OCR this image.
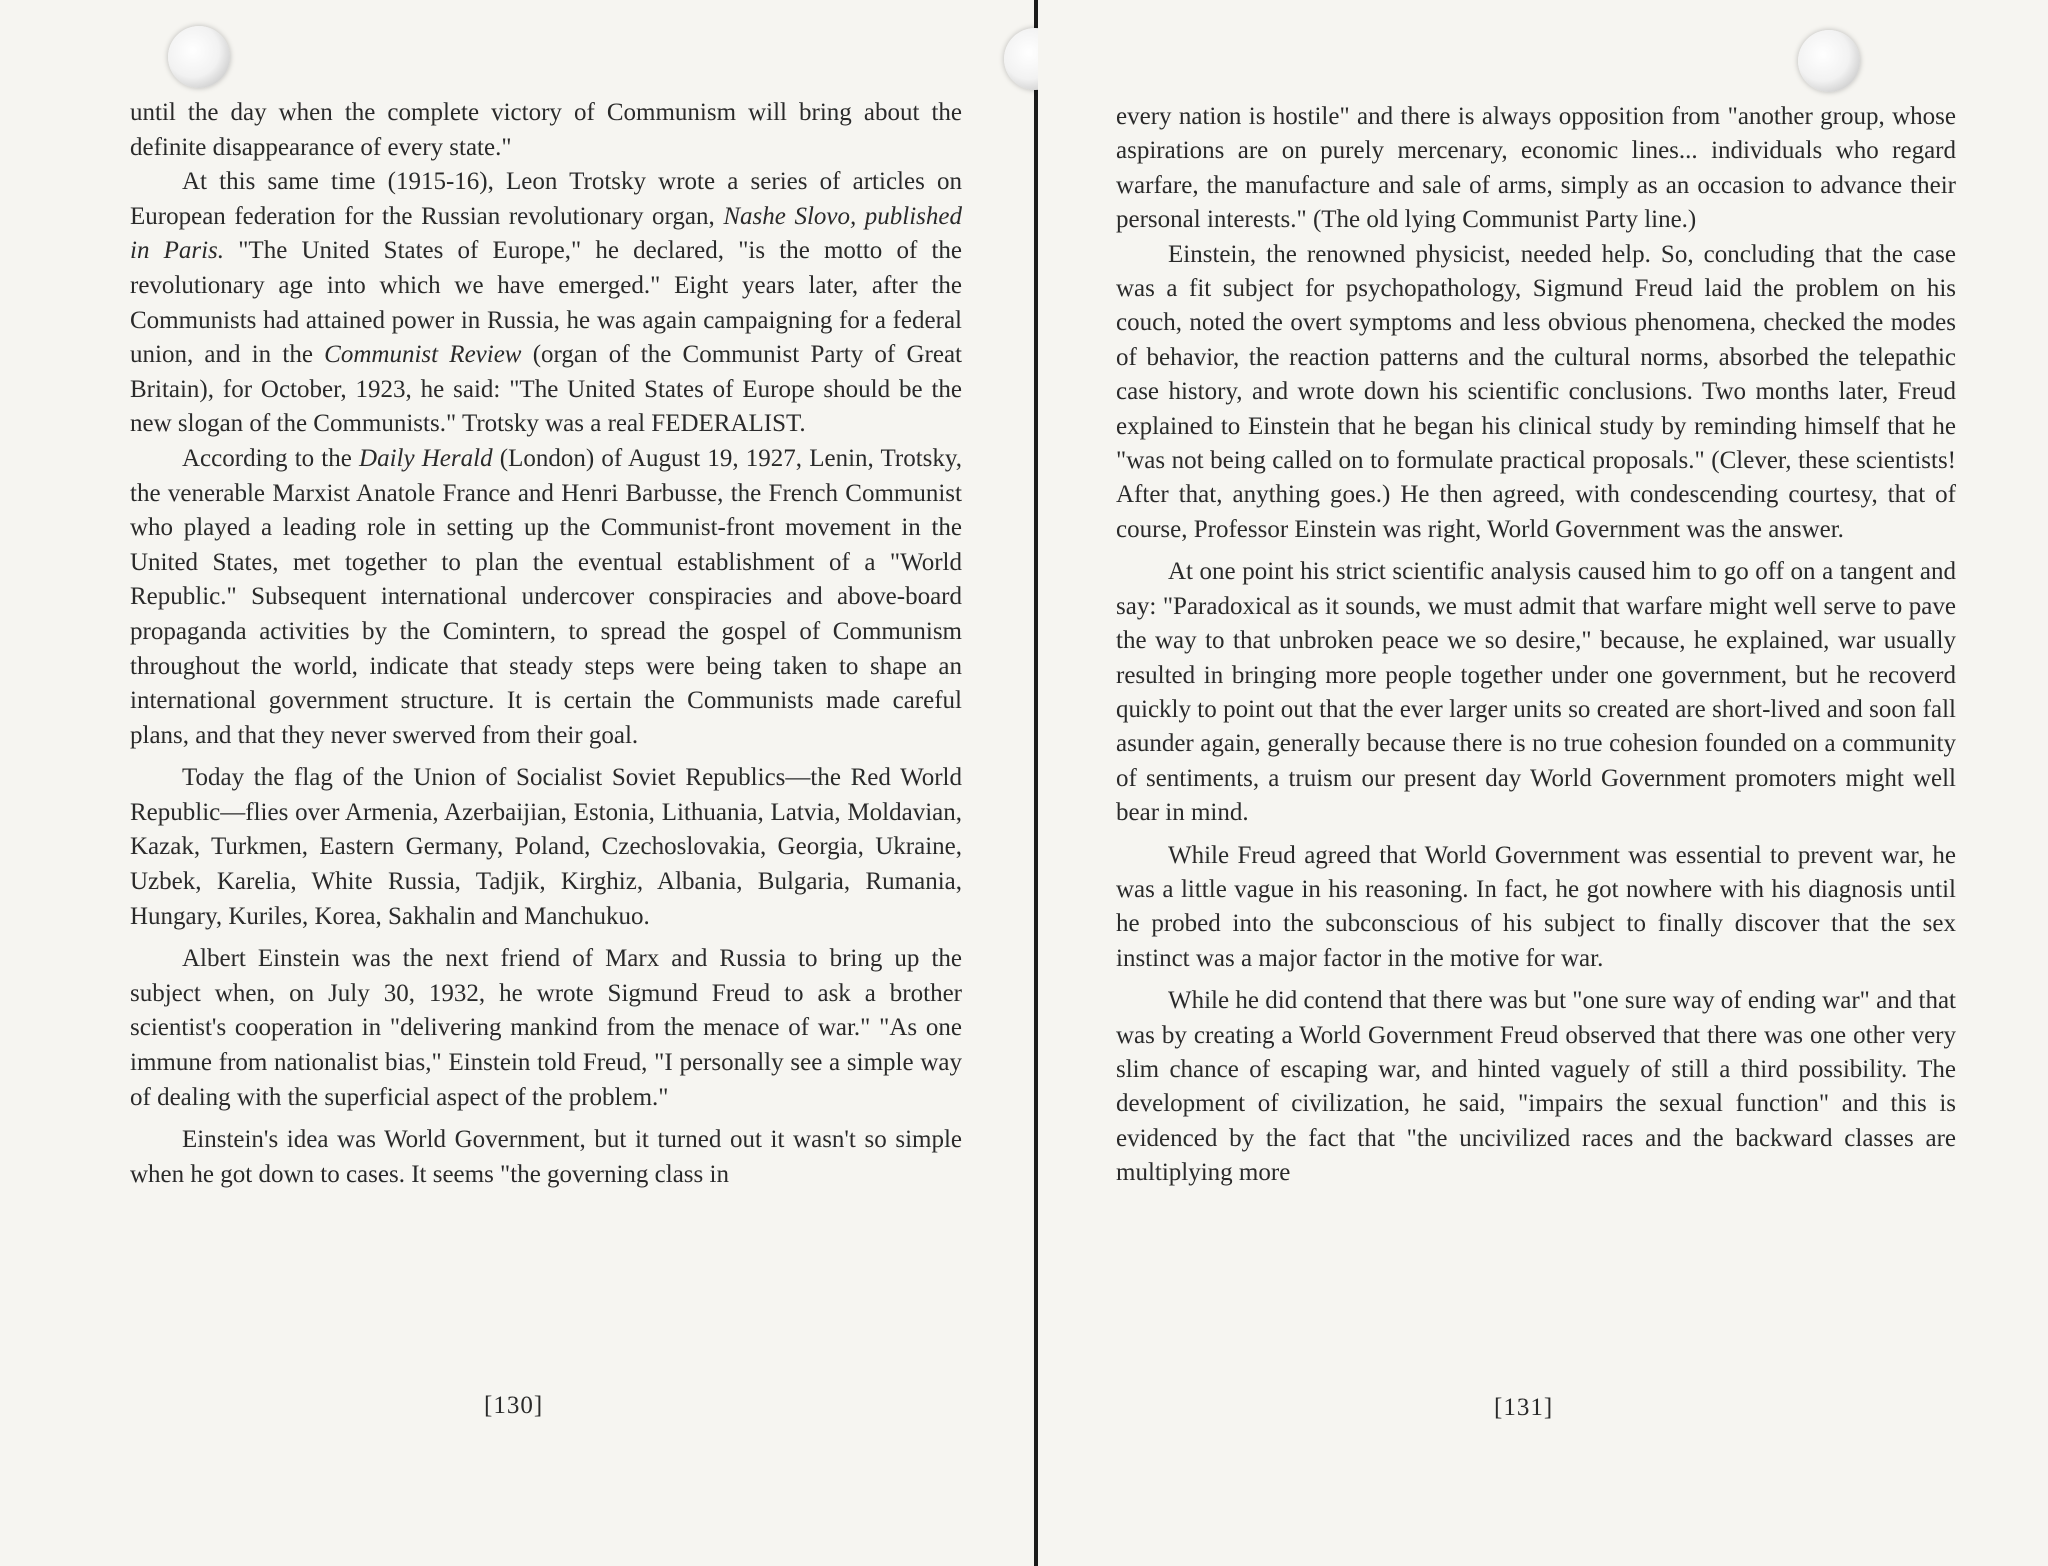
until the day when the complete victory of Communism will bring about the definite disappearance of every state."

At this same time (1915-16), Leon Trotsky wrote a series of articles on European federation for the Russian revolutionary organ, Nashe Slovo, published in Paris. "The United States of Europe," he declared, "is the motto of the revolutionary age into which we have emerged." Eight years later, after the Communists had attained power in Russia, he was again campaigning for a federal union, and in the Communist Review (organ of the Communist Party of Great Britain), for October, 1923, he said: "The United States of Europe should be the new slogan of the Communists." Trotsky was a real FEDERALIST.

According to the Daily Herald (London) of August 19, 1927, Lenin, Trotsky, the venerable Marxist Anatole France and Henri Barbusse, the French Communist who played a leading role in setting up the Communist-front movement in the United States, met together to plan the eventual establishment of a "World Republic." Subsequent international undercover conspiracies and above-board propaganda activities by the Comintern, to spread the gospel of Communism throughout the world, indicate that steady steps were being taken to shape an international government structure. It is certain the Communists made careful plans, and that they never swerved from their goal.

Today the flag of the Union of Socialist Soviet Republics—the Red World Republic—flies over Armenia, Azerbaijian, Estonia, Lithuania, Latvia, Moldavian, Kazak, Turkmen, Eastern Germany, Poland, Czechoslovakia, Georgia, Ukraine, Uzbek, Karelia, White Russia, Tadjik, Kirghiz, Albania, Bulgaria, Rumania, Hungary, Kuriles, Korea, Sakhalin and Manchukuo.

Albert Einstein was the next friend of Marx and Russia to bring up the subject when, on July 30, 1932, he wrote Sigmund Freud to ask a brother scientist's cooperation in "delivering mankind from the menace of war." "As one immune from nationalist bias," Einstein told Freud, "I personally see a simple way of dealing with the superficial aspect of the problem."

Einstein's idea was World Government, but it turned out it wasn't so simple when he got down to cases. It seems "the governing class in

[130]

every nation is hostile" and there is always opposition from "another group, whose aspirations are on purely mercenary, economic lines... individuals who regard warfare, the manufacture and sale of arms, simply as an occasion to advance their personal interests." (The old lying Communist Party line.)

Einstein, the renowned physicist, needed help. So, concluding that the case was a fit subject for psychopathology, Sigmund Freud laid the problem on his couch, noted the overt symptoms and less obvious phenomena, checked the modes of behavior, the reaction patterns and the cultural norms, absorbed the telepathic case history, and wrote down his scientific conclusions. Two months later, Freud explained to Einstein that he began his clinical study by reminding himself that he "was not being called on to formulate practical proposals." (Clever, these scientists! After that, anything goes.) He then agreed, with condescending courtesy, that of course, Professor Einstein was right, World Government was the answer.

At one point his strict scientific analysis caused him to go off on a tangent and say: "Paradoxical as it sounds, we must admit that warfare might well serve to pave the way to that unbroken peace we so desire," because, he explained, war usually resulted in bringing more people together under one government, but he recoverd quickly to point out that the ever larger units so created are short-lived and soon fall asunder again, generally because there is no true cohesion founded on a community of sentiments, a truism our present day World Government promoters might well bear in mind.

While Freud agreed that World Government was essential to prevent war, he was a little vague in his reasoning. In fact, he got nowhere with his diagnosis until he probed into the subconscious of his subject to finally discover that the sex instinct was a major factor in the motive for war.

While he did contend that there was but "one sure way of ending war" and that was by creating a World Government Freud observed that there was one other very slim chance of escaping war, and hinted vaguely of still a third possibility. The development of civilization, he said, "impairs the sexual function" and this is evidenced by the fact that "the uncivilized races and the backward classes are multiplying more

[131]
